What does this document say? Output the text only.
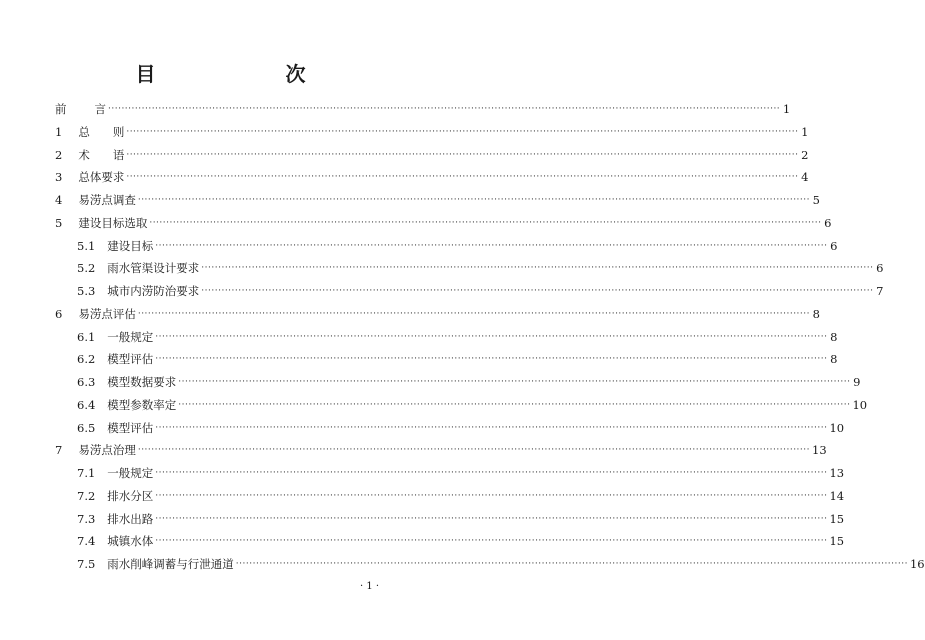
目　　次
前 言 ········································································································································································································ 1
1 总　　则 ········································································································································································································ 1
2 术　　语 ········································································································································································································ 2
3 总体要求 ········································································································································································································ 4
4 易涝点调查 ········································································································································································································ 5
5 建设目标选取 ········································································································································································································ 6
5.1 建设目标 ········································································································································································································ 6
5.2 雨水管渠设计要求 ········································································································································································································ 6
5.3 城市内涝防治要求 ········································································································································································································ 7
6 易涝点评估 ········································································································································································································ 8
6.1 一般规定 ········································································································································································································ 8
6.2 模型评估 ········································································································································································································ 8
6.3 模型数据要求 ········································································································································································································ 9
6.4 模型参数率定 ········································································································································································································ 10
6.5 模型评估 ········································································································································································································ 10
7 易涝点治理 ········································································································································································································ 13
7.1 一般规定 ········································································································································································································ 13
7.2 排水分区 ········································································································································································································ 14
7.3 排水出路 ········································································································································································································ 15
7.4 城镇水体 ········································································································································································································ 15
7.5 雨水削峰调蓄与行泄通道 ········································································································································································································ 16
· 1 ·
